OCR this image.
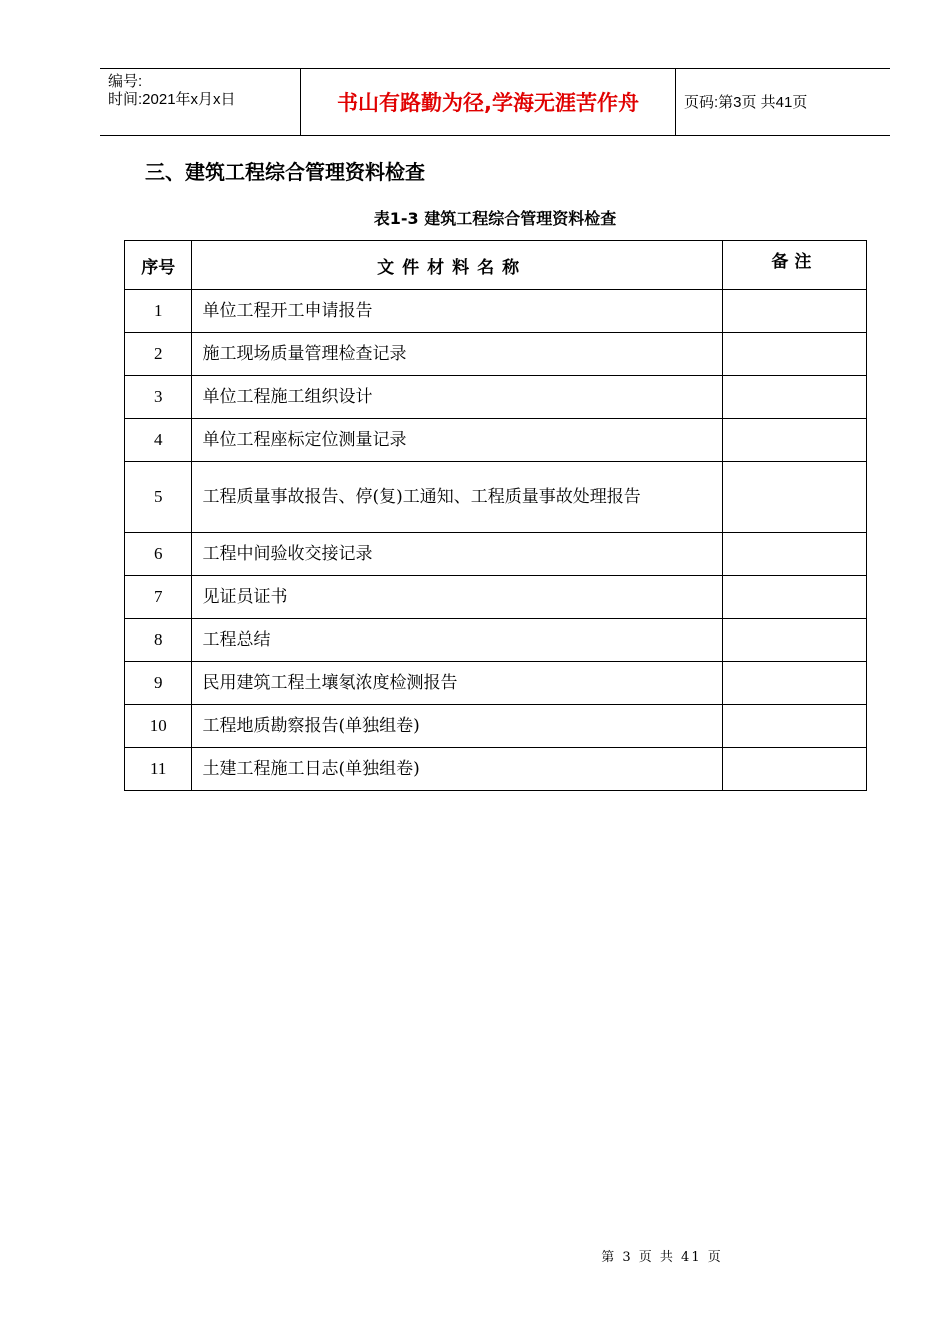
编号:
时间:2021年x月x日	书山有路勤为径,学海无涯苦作舟	页码:第3页 共41页
三、建筑工程综合管理资料检查
表1-3 建筑工程综合管理资料检查
序号	文件材料名称	备注
1	单位工程开工申请报告	
2	施工现场质量管理检查记录	
3	单位工程施工组织设计	
4	单位工程座标定位测量记录	
5	工程质量事故报告、停(复)工通知、工程质量事故处理报告	
6	工程中间验收交接记录	
7	见证员证书	
8	工程总结	
9	民用建筑工程土壤氡浓度检测报告	
10	工程地质勘察报告(单独组卷)	
11	土建工程施工日志(单独组卷)	
第 3 页 共 41 页
